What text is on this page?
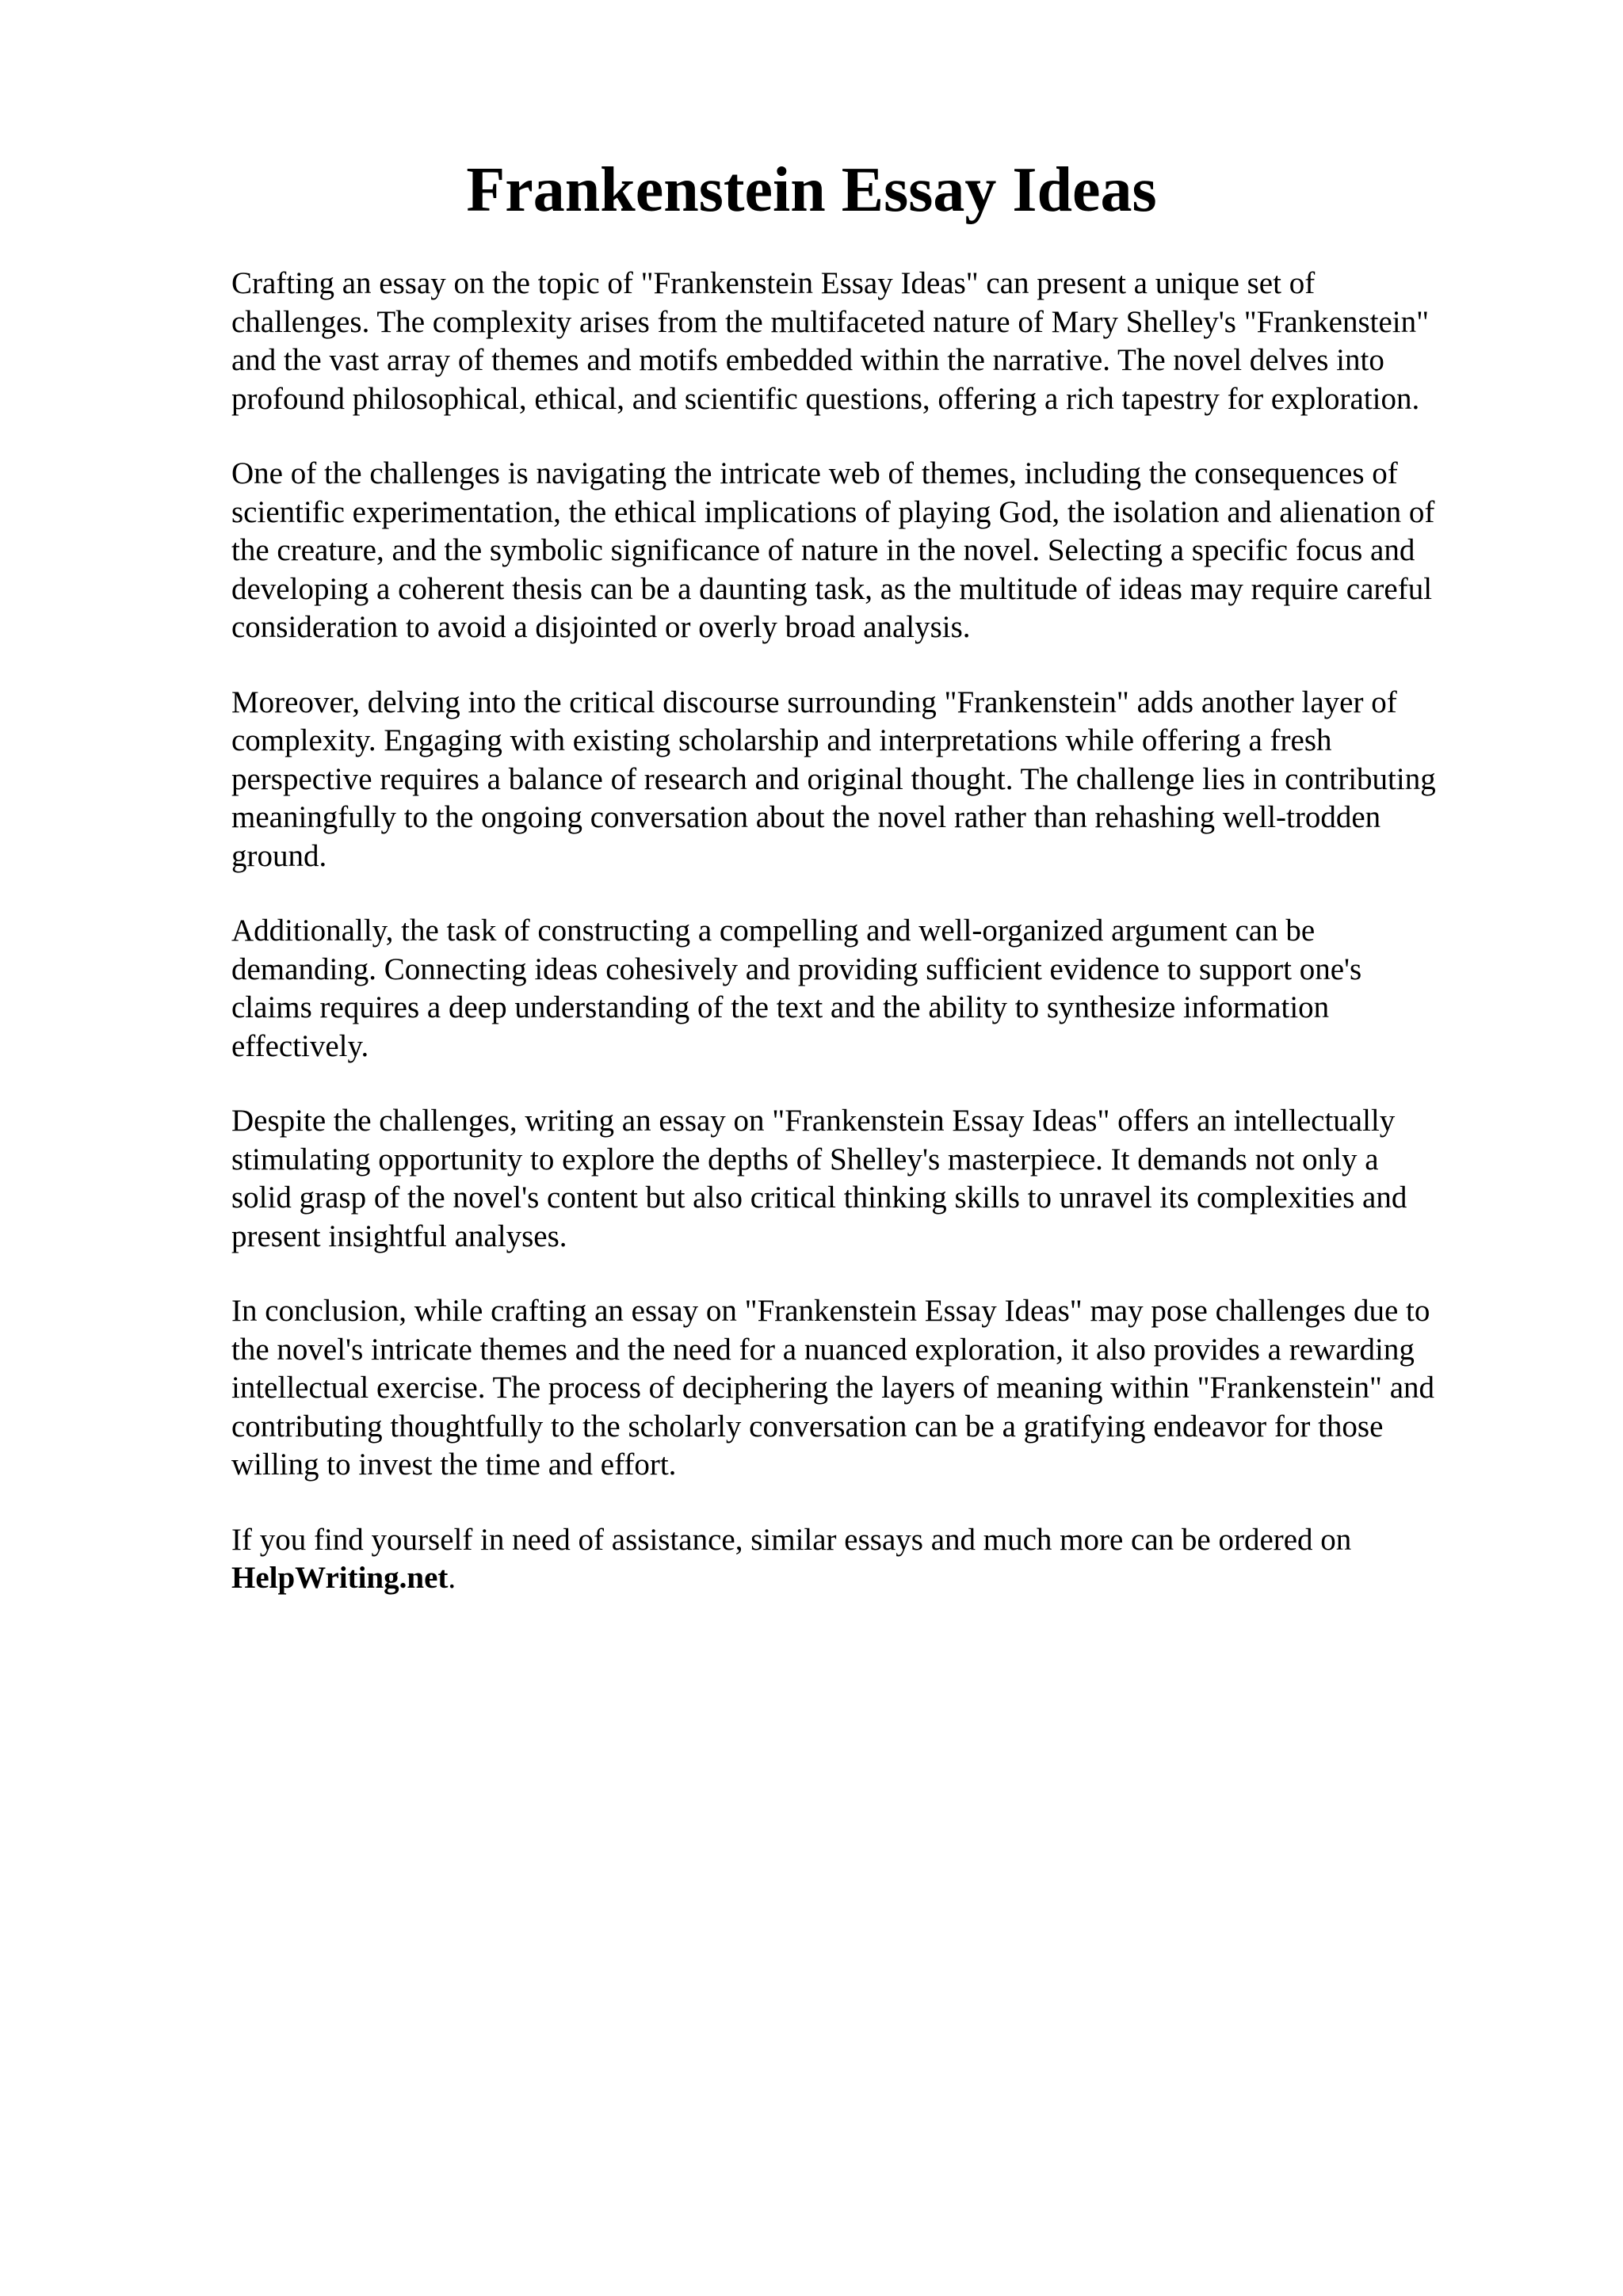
Frankenstein Essay Ideas

Crafting an essay on the topic of "Frankenstein Essay Ideas" can present a unique set of
challenges. The complexity arises from the multifaceted nature of Mary Shelley's "Frankenstein"
and the vast array of themes and motifs embedded within the narrative. The novel delves into
profound philosophical, ethical, and scientific questions, offering a rich tapestry for exploration.

One of the challenges is navigating the intricate web of themes, including the consequences of
scientific experimentation, the ethical implications of playing God, the isolation and alienation of
the creature, and the symbolic significance of nature in the novel. Selecting a specific focus and
developing a coherent thesis can be a daunting task, as the multitude of ideas may require careful
consideration to avoid a disjointed or overly broad analysis.

Moreover, delving into the critical discourse surrounding "Frankenstein" adds another layer of
complexity. Engaging with existing scholarship and interpretations while offering a fresh
perspective requires a balance of research and original thought. The challenge lies in contributing
meaningfully to the ongoing conversation about the novel rather than rehashing well-trodden
ground.

Additionally, the task of constructing a compelling and well-organized argument can be
demanding. Connecting ideas cohesively and providing sufficient evidence to support one's
claims requires a deep understanding of the text and the ability to synthesize information
effectively.

Despite the challenges, writing an essay on "Frankenstein Essay Ideas" offers an intellectually
stimulating opportunity to explore the depths of Shelley's masterpiece. It demands not only a
solid grasp of the novel's content but also critical thinking skills to unravel its complexities and
present insightful analyses.

In conclusion, while crafting an essay on "Frankenstein Essay Ideas" may pose challenges due to
the novel's intricate themes and the need for a nuanced exploration, it also provides a rewarding
intellectual exercise. The process of deciphering the layers of meaning within "Frankenstein" and
contributing thoughtfully to the scholarly conversation can be a gratifying endeavor for those
willing to invest the time and effort.

If you find yourself in need of assistance, similar essays and much more can be ordered on
HelpWriting.net.
